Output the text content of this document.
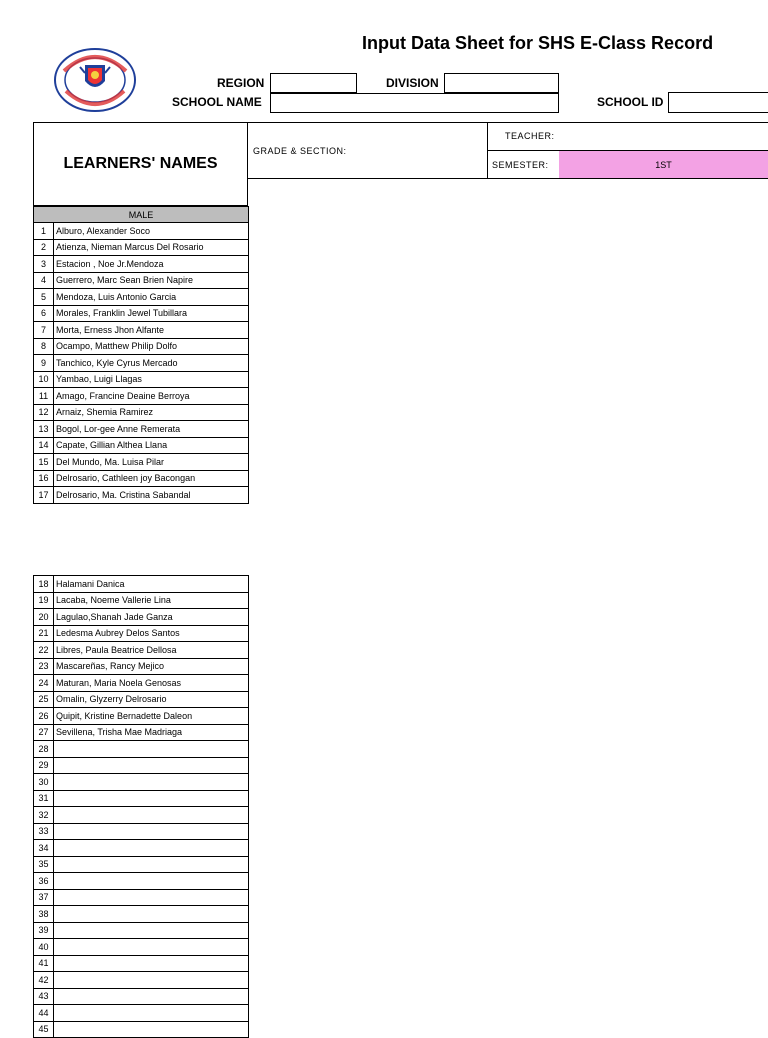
Input Data Sheet for SHS E-Class Record
REGION	DIVISION
SCHOOL NAME	SCHOOL ID
LEARNERS' NAMES
GRADE & SECTION:
TEACHER:
SEMESTER:	1ST
MALE	
1	Alburo, Alexander Soco
2	Atienza, Nieman Marcus Del Rosario
3	Estacion , Noe Jr.Mendoza
4	Guerrero, Marc Sean Brien Napire
5	Mendoza, Luis Antonio Garcia
6	Morales, Franklin Jewel Tubillara
7	Morta, Erness Jhon Alfante
8	Ocampo, Matthew Philip Dolfo
9	Tanchico, Kyle Cyrus Mercado
10	Yambao, Luigi Llagas
11	Amago, Francine Deaine Berroya
12	Arnaiz, Shemia Ramirez
13	Bogol, Lor-gee Anne Remerata
14	Capate, Gillian Althea Llana
15	Del Mundo, Ma. Luisa Pilar
16	Delrosario, Cathleen joy Bacongan
17	Delrosario, Ma. Cristina Sabandal
18	Halamani Danica
19	Lacaba, Noeme Vallerie Lina
20	Lagulao,Shanah Jade Ganza
21	Ledesma Aubrey Delos Santos
22	Libres, Paula Beatrice Dellosa
23	Mascareñas, Rancy Mejico
24	Maturan, Maria Noela Genosas
25	Omalin, Glyzerry Delrosario
26	Quipit, Kristine Bernadette Daleon
27	Sevillena, Trisha Mae Madriaga
28	
29	
30	
31	
32	
33	
34	
35	
36	
37	
38	
39	
40	
41	
42	
43	
44	
45	
